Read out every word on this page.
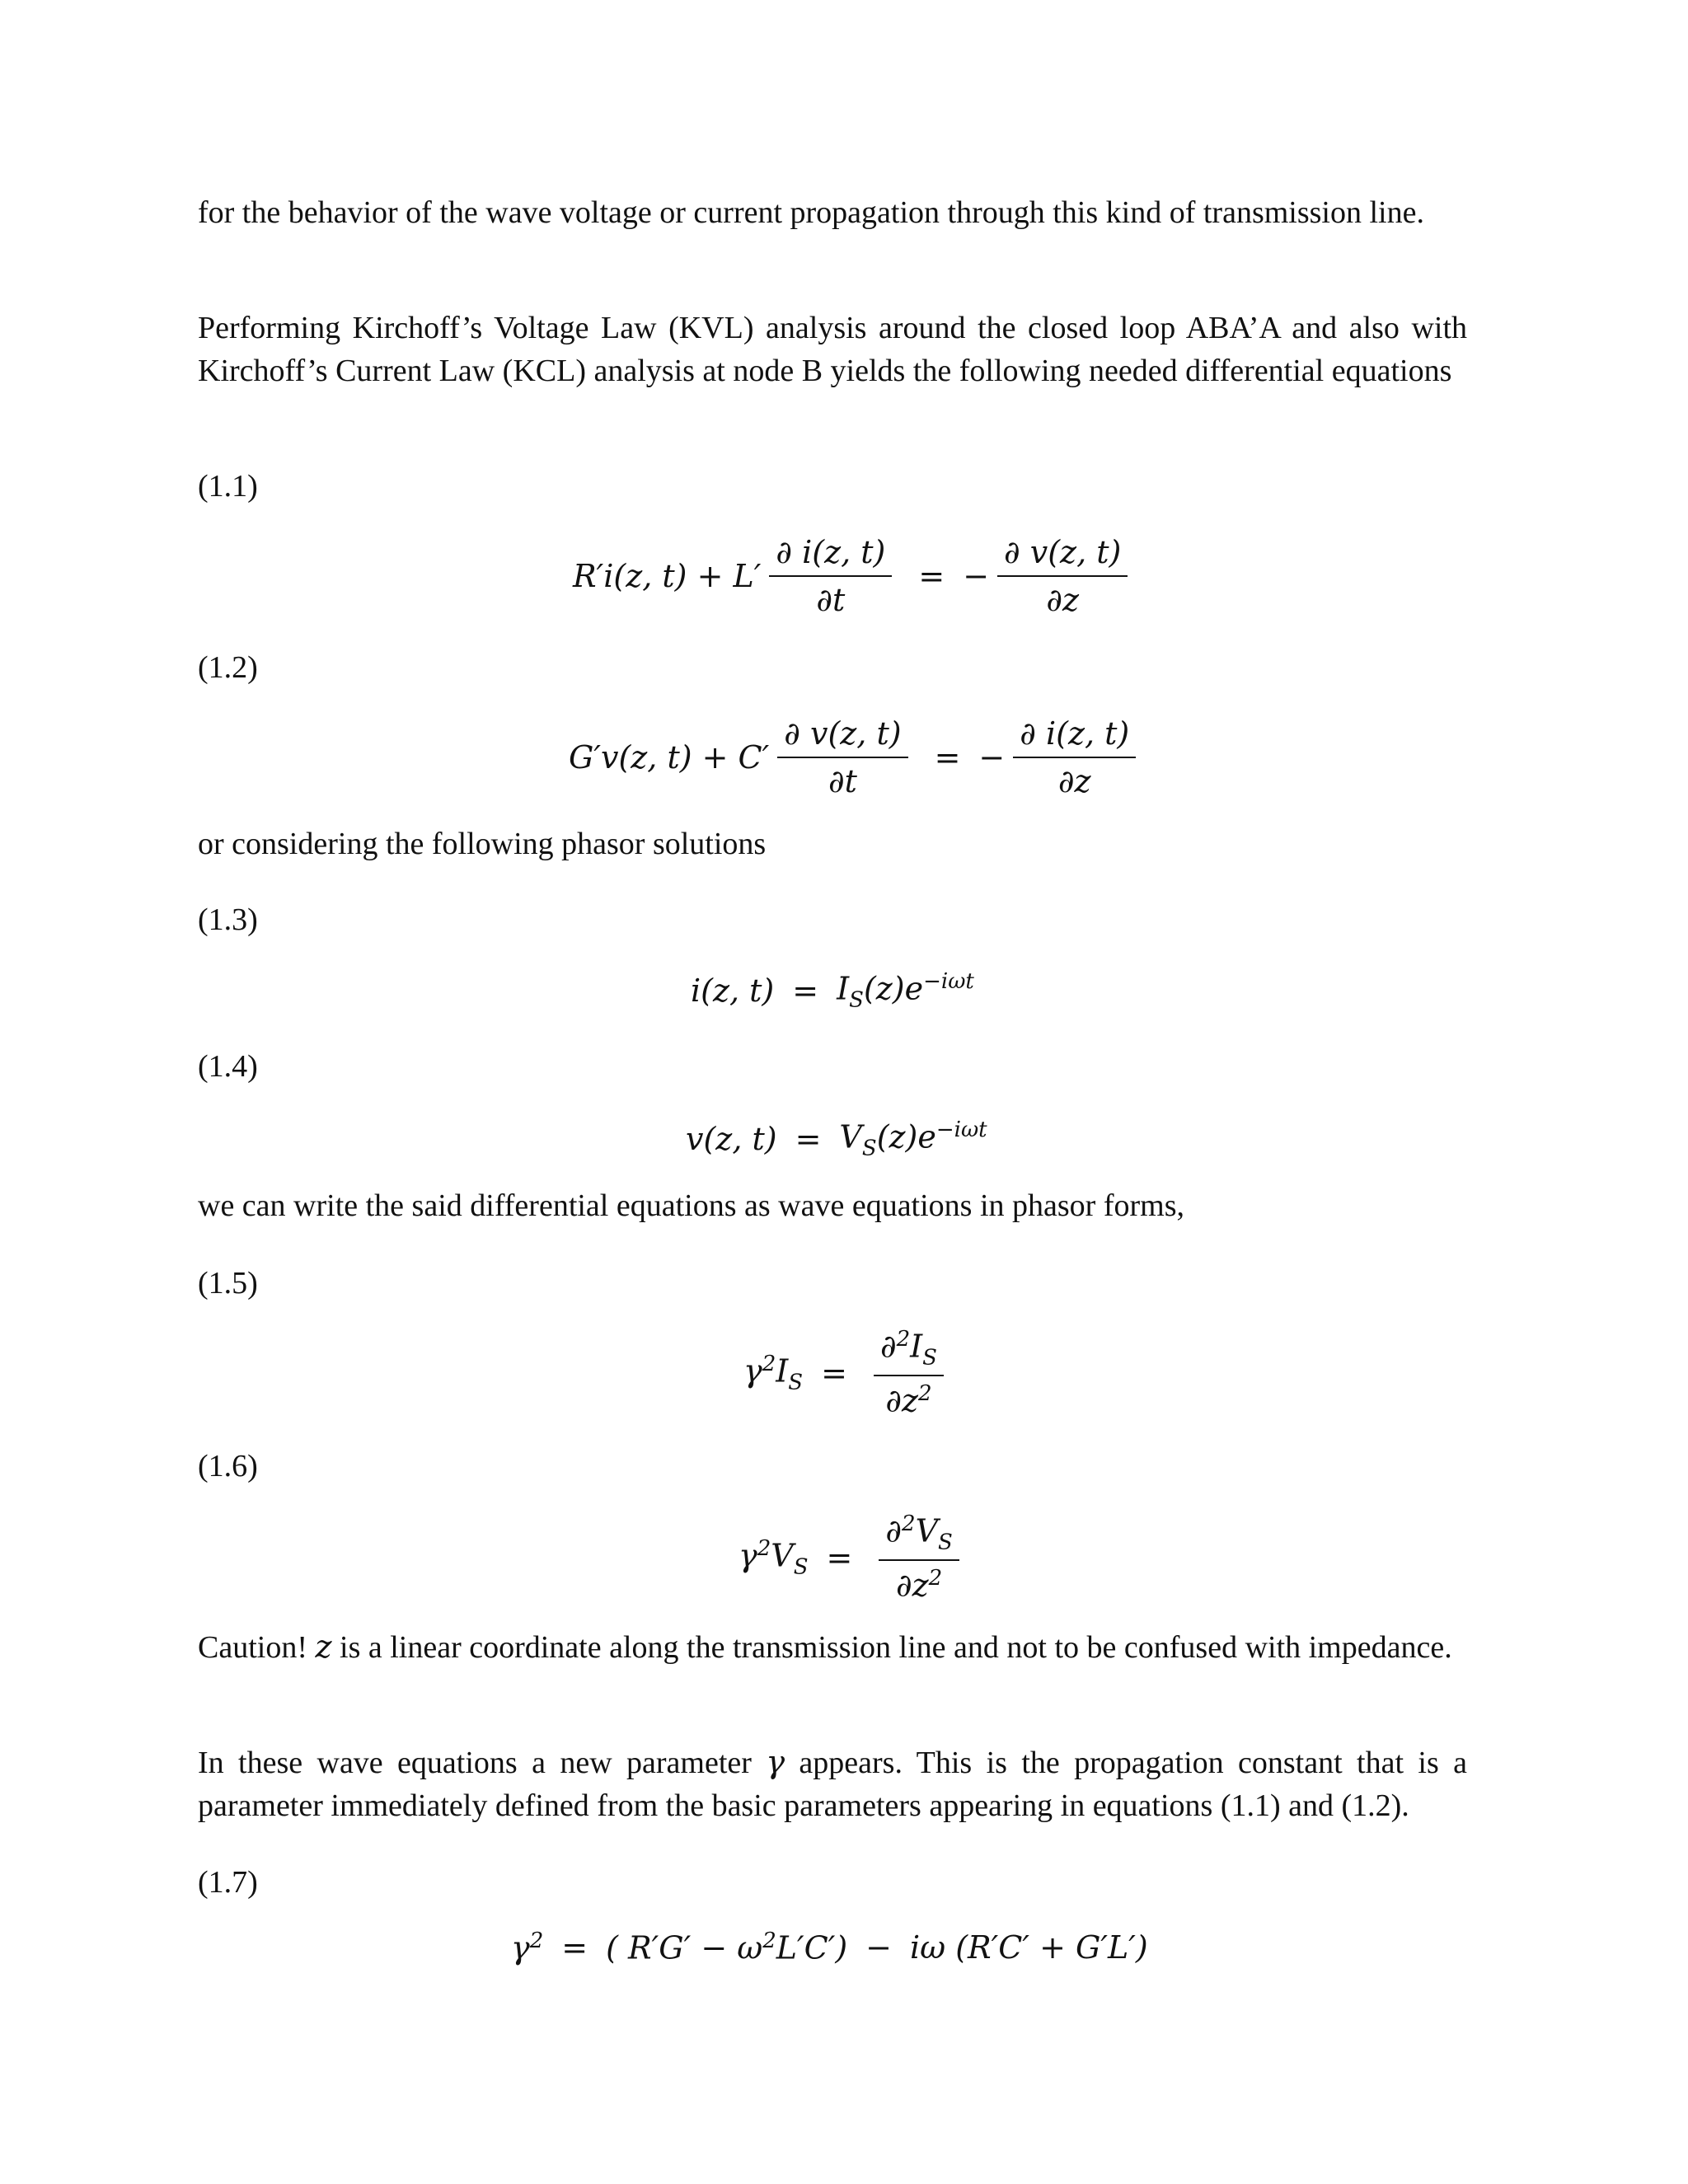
for the behavior of the wave voltage or current propagation through this kind of transmission line.
Performing Kirchoff’s Voltage Law (KVL) analysis around the closed loop ABA’A and also with Kirchoff’s Current Law (KCL) analysis at node B yields the following needed differential equations
(1.1)
R′i(z, $t) + L' \frac{\partial i(z, t)}{\partial t}$ = − $\frac{\partial v(z, t)}{\partial z}$
(1.2)
G′v(z, $t) + C' \frac{\partial v(z, t)}{\partial t}$ = − $\frac{\partial i(z, t)}{\partial z}$
or considering the following phasor solutions
(1.3)
i(z, $t) = I_S(z)e^{-i\omega t}$
(1.4)
v(z, $t) = V_S(z)e^{-i\omega t}$
we can write the said differential equations as wave equations in phasor forms,
(1.5)
$\gamma^2I_S = \frac{\partial^2I_S}{\partial z^2}$
(1.6)
$\gamma^2V_S = \frac{\partial^2V_S}{\partial z^2}$
Caution! z is a linear coordinate along the transmission line and not to be confused with impedance.
In these wave equations a new parameter γ appears. This is the propagation constant that is a parameter immediately defined from the basic parameters appearing in equations (1.1) and (1.2).
(1.7)
$\gamma^2$ = ( $R'G' - \omega^2L'C') - i\omega$ (R′C′ + G′L′)
